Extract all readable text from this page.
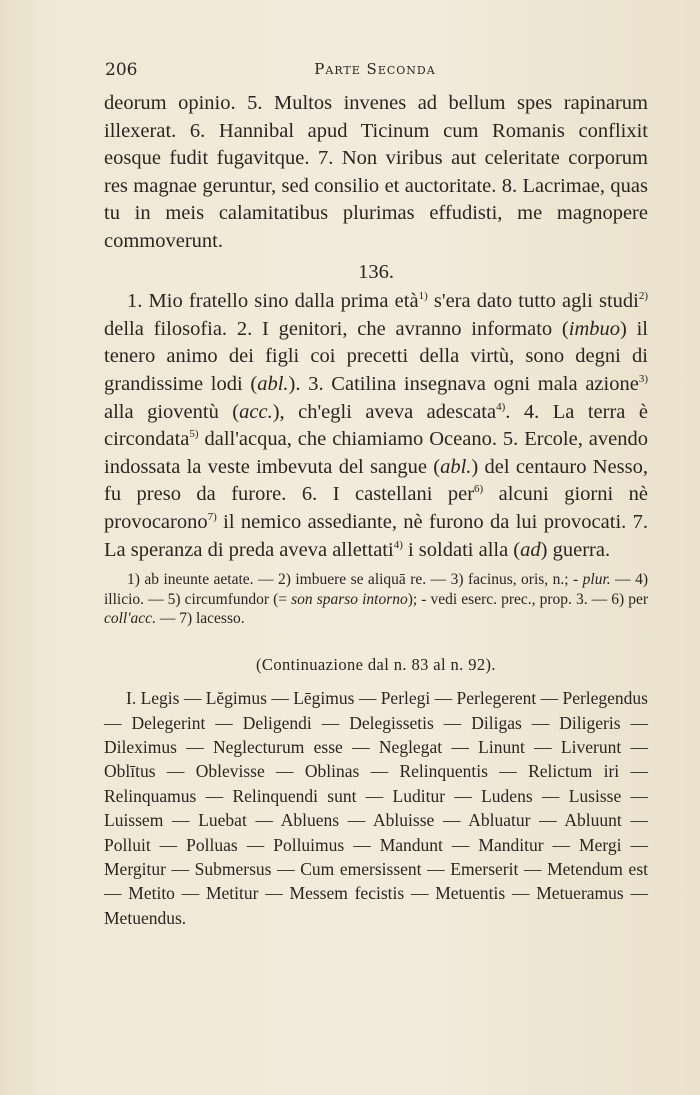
206	Parte Seconda

deorum opinio. 5. Multos invenes ad bellum spes rapinarum illexerat. 6. Hannibal apud Ticinum cum Romanis conflixit eosque fudit fugavitque. 7. Non viribus aut celeritate corporum res magnae geruntur, sed consilio et auctoritate. 8. Lacrimae, quas tu in meis calamitatibus plurimas effudisti, me magnopere commoverunt.

136.

1. Mio fratello sino dalla prima età$^{1)}$ s'era dato tutto agli studi$^{2)}$ della filosofia. 2. I genitori, che avranno informato (imbuo) il tenero animo dei figli coi precetti della virtù, sono degni di grandissime lodi (abl.). 3. Catilina insegnava ogni mala azione$^{3)}$ alla gioventù (acc.), ch'egli aveva adescata$^{4)}$. 4. La terra è circondata$^{5)}$ dall'acqua, che chiamiamo Oceano. 5. Ercole, avendo indossata la veste imbevuta del sangue (abl.) del centauro Nesso, fu preso da furore. 6. I castellani per$^{6)}$ alcuni giorni nè provocarono$^{7)}$ il nemico assediante, nè furono da lui provocati. 7. La speranza di preda aveva allettati$^{4)}$ i soldati alla (ad) guerra.

1) ab ineunte aetate. — 2) imbuere se aliquā re. — 3) facinus, oris, n.; - plur. — 4) illicio. — 5) circumfundor (= son sparso intorno); - vedi eserc. prec., prop. 3. — 6) per coll'acc. — 7) lacesso.

(Continuazione dal n. 83 al n. 92).

I. Legis — Lĕgimus — Lēgimus — Perlegi — Perlegerent — Perlegendus — Delegerint — Deligendi — Delegissetis — Diligas — Diligeris — Dileximus — Neglecturum esse — Neglegat — Linunt — Liverunt — Oblītus — Oblevisse — Oblinas — Relinquentis — Relictum iri — Relinquamus — Relinquendi sunt — Luditur — Ludens — Lusisse — Luissem — Luebat — Abluens — Abluisse — Abluatur — Abluunt — Polluit — Polluas — Polluimus — Mandunt — Manditur — Mergi — Mergitur — Submersus — Cum emersissent — Emerserit — Metendum est — Metito — Metitur — Messem fecistis — Metuentis — Metueramus — Metuendus.
